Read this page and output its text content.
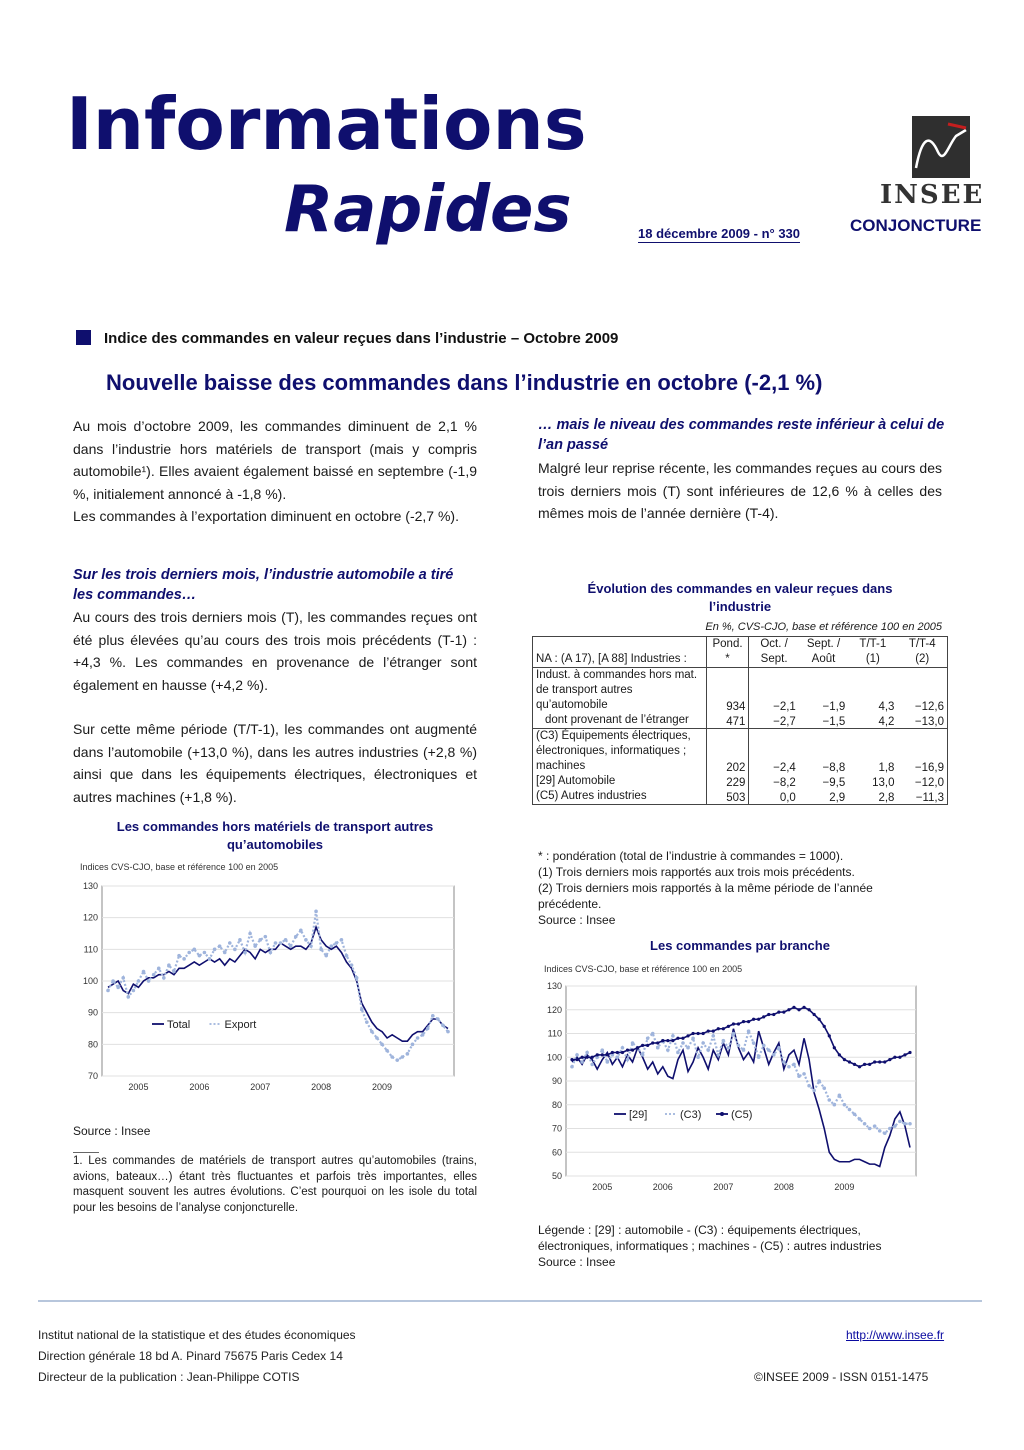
Informations
Rapides	18 décembre 2009 - n° 330
INSEE
CONJONCTURE
Indice des commandes en valeur reçues dans l’industrie – Octobre 2009
Nouvelle baisse des commandes dans l’industrie en octobre (-2,1 %)
Au mois d’octobre 2009, les commandes diminuent de 2,1 % dans l’industrie hors matériels de transport (mais y compris automobile¹). Elles avaient également baissé en septembre (-1,9 %, initialement annoncé à -1,8 %).
Les commandes à l’exportation diminuent en octobre (-2,7 %).
Sur les trois derniers mois, l’industrie automobile a tiré les commandes…
Au cours des trois derniers mois (T), les commandes reçues ont été plus élevées qu’au cours des trois mois précédents (T-1) : +4,3 %. Les commandes en provenance de l’étranger sont également en hausse (+4,2 %).
Sur cette même période (T/T-1), les commandes ont augmenté dans l’automobile (+13,0 %), dans les autres industries (+2,8 %) ainsi que dans les équipements électriques, électroniques et autres machines (+1,8 %).
Les commandes hors matériels de transport autres qu’automobiles
Indices CVS-CJO, base et référence 100 en 2005
70
80
90
100
110
120
130
2005	2006	2007	2008	2009
Total	Export
Source : Insee
1. Les commandes de matériels de transport autres qu’automobiles (trains, avions, bateaux…) étant très fluctuantes et parfois très importantes, elles masquent souvent les autres évolutions. C’est pourquoi on les isole du total pour les besoins de l’analyse conjoncturelle.
… mais le niveau des commandes reste inférieur à celui de l’an passé
Malgré leur reprise récente, les commandes reçues au cours des trois derniers mois (T) sont inférieures de 12,6 % à celles des mêmes mois de l’année dernière (T-4).
Évolution des commandes en valeur reçues dans l’industrie
En %, CVS-CJO, base et référence 100 en 2005
NA : (A 17), [A 88] Industries :	Pond. *	Oct. / Sept.	Sept. / Août	T/T-1 (1)	T/T-4 (2)
Indust. à commandes hors mat. de transport autres qu’automobile	934	−2,1	−1,9	4,3	−12,6
dont provenant de l’étranger	471	−2,7	−1,5	4,2	−13,0
(C3) Équipements électriques, électroniques, informatiques ; machines	202	−2,4	−8,8	1,8	−16,9
[29] Automobile	229	−8,2	−9,5	13,0	−12,0
(C5) Autres industries	503	0,0	2,9	2,8	−11,3
* : pondération (total de l’industrie à commandes = 1000).
(1) Trois derniers mois rapportés aux trois mois précédents.
(2) Trois derniers mois rapportés à la même période de l’année précédente.
Source : Insee
Les commandes par branche
Indices CVS-CJO, base et référence 100 en 2005
50
60
70
80
90
100
110
120
130
2005	2006	2007	2008	2009
[29]	(C3)	(C5)
Légende : [29] : automobile - (C3) : équipements électriques, électroniques, informatiques ; machines - (C5) : autres industries
Source : Insee
Institut national de la statistique et des études économiques
Direction générale 18 bd A. Pinard 75675 Paris Cedex 14
Directeur de la publication : Jean-Philippe COTIS
http://www.insee.fr
©INSEE 2009 - ISSN 0151-1475
